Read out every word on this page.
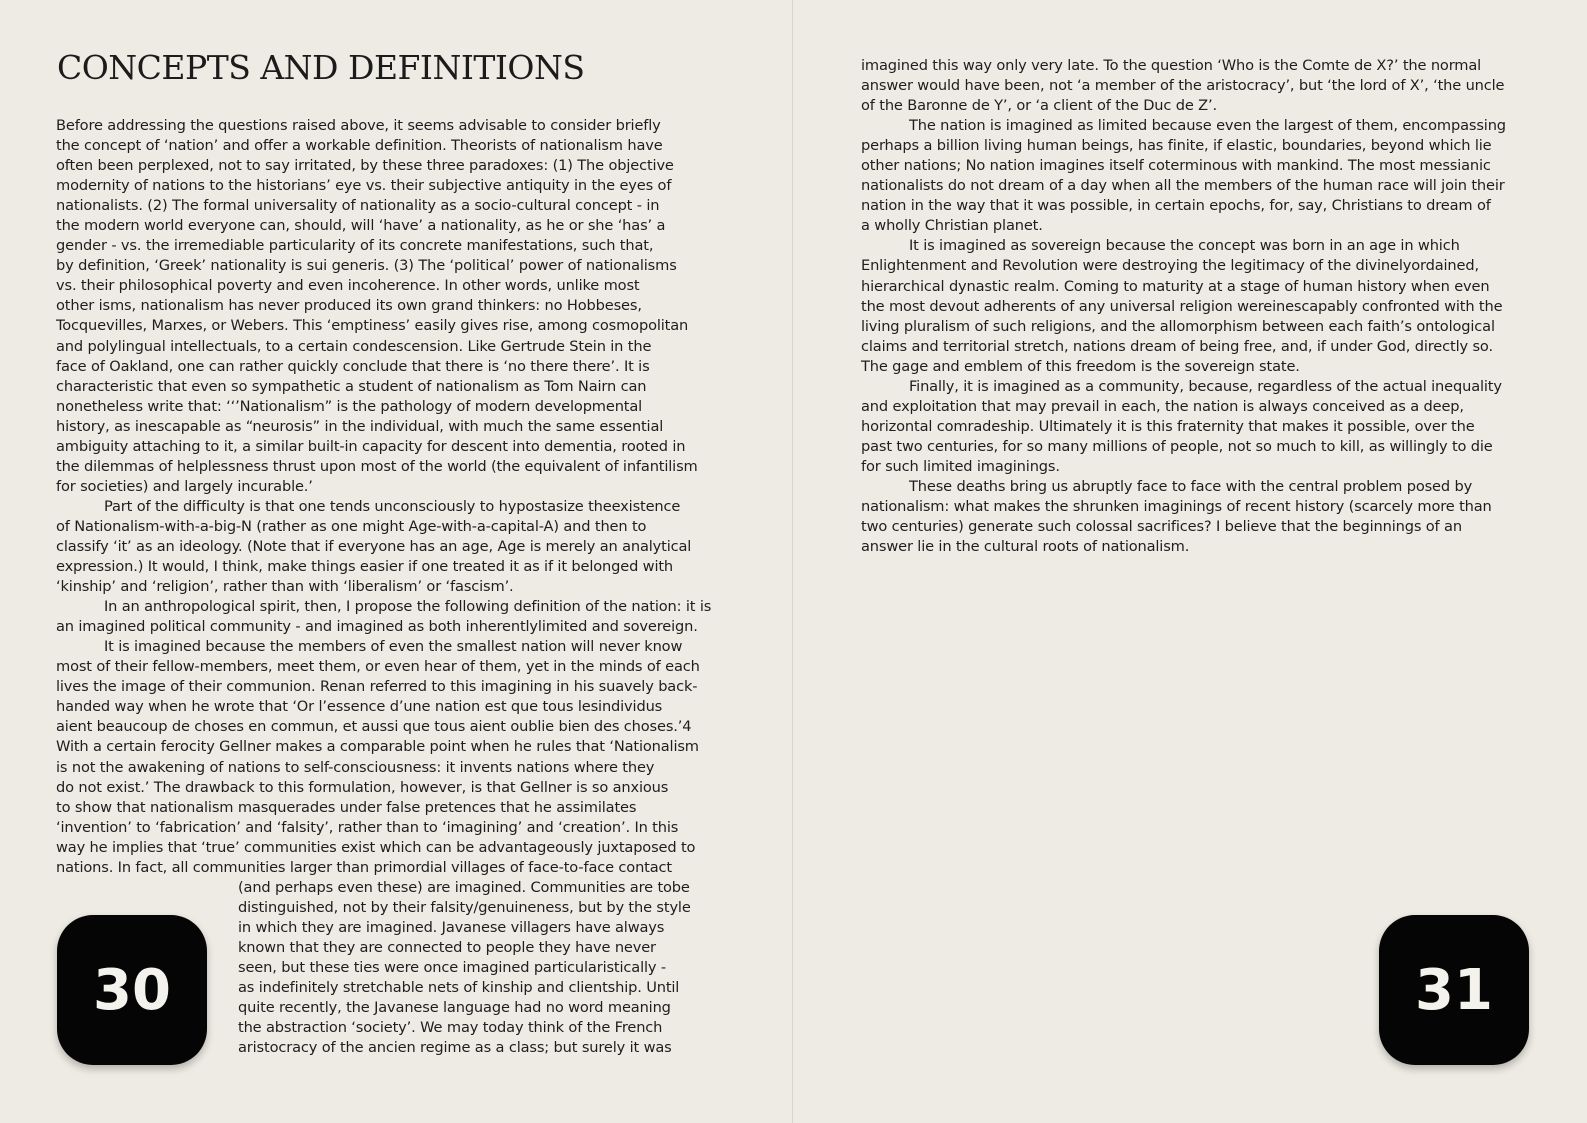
CONCEPTS AND DEFINITIONS
Before addressing the questions raised above, it seems advisable to consider briefly
the concept of ‘nation’ and offer a workable definition. Theorists of nationalism have
often been perplexed, not to say irritated, by these three paradoxes: (1) The objective
modernity of nations to the historians’ eye vs. their subjective antiquity in the eyes of
nationalists. (2) The formal universality of nationality as a socio-cultural concept - in
the modern world everyone can, should, will ‘have’ a nationality, as he or she ‘has’ a
gender - vs. the irremediable particularity of its concrete manifestations, such that,
by definition, ‘Greek’ nationality is sui generis. (3) The ‘political’ power of nationalisms
vs. their philosophical poverty and even incoherence. In other words, unlike most
other isms, nationalism has never produced its own grand thinkers: no Hobbeses,
Tocquevilles, Marxes, or Webers. This ‘emptiness’ easily gives rise, among cosmopolitan
and polylingual intellectuals, to a certain condescension. Like Gertrude Stein in the
face of Oakland, one can rather quickly conclude that there is ‘no there there’. It is
characteristic that even so sympathetic a student of nationalism as Tom Nairn can
nonetheless write that: ‘‘’Nationalism” is the pathology of modern developmental
history, as inescapable as “neurosis” in the individual, with much the same essential
ambiguity attaching to it, a similar built-in capacity for descent into dementia, rooted in
the dilemmas of helplessness thrust upon most of the world (the equivalent of infantilism
for societies) and largely incurable.’
Part of the difficulty is that one tends unconsciously to hypostasize theexistence
of Nationalism-with-a-big-N (rather as one might Age-with-a-capital-A) and then to
classify ‘it’ as an ideology. (Note that if everyone has an age, Age is merely an analytical
expression.) It would, I think, make things easier if one treated it as if it belonged with
‘kinship’ and ‘religion’, rather than with ‘liberalism’ or ‘fascism’.
In an anthropological spirit, then, I propose the following definition of the nation: it is
an imagined political community - and imagined as both inherentlylimited and sovereign.
It is imagined because the members of even the smallest nation will never know
most of their fellow-members, meet them, or even hear of them, yet in the minds of each
lives the image of their communion. Renan referred to this imagining in his suavely back-
handed way when he wrote that ‘Or l’essence d’une nation est que tous lesindividus
aient beaucoup de choses en commun, et aussi que tous aient oublie bien des choses.’4
With a certain ferocity Gellner makes a comparable point when he rules that ‘Nationalism
is not the awakening of nations to self-consciousness: it invents nations where they
do not exist.’ The drawback to this formulation, however, is that Gellner is so anxious
to show that nationalism masquerades under false pretences that he assimilates
‘invention’ to ‘fabrication’ and ‘falsity’, rather than to ‘imagining’ and ‘creation’. In this
way he implies that ‘true’ communities exist which can be advantageously juxtaposed to
nations. In fact, all communities larger than primordial villages of face-to-face contact
(and perhaps even these) are imagined. Communities are tobe
distinguished, not by their falsity/genuineness, but by the style
in which they are imagined. Javanese villagers have always
known that they are connected to people they have never
seen, but these ties were once imagined particularistically -
as indefinitely stretchable nets of kinship and clientship. Until
quite recently, the Javanese language had no word meaning
the abstraction ‘society’. We may today think of the French
aristocracy of the ancien regime as a class; but surely it was
30
imagined this way only very late. To the question ‘Who is the Comte de X?’ the normal
answer would have been, not ‘a member of the aristocracy’, but ‘the lord of X’, ‘the uncle
of the Baronne de Y’, or ‘a client of the Duc de Z’.
The nation is imagined as limited because even the largest of them, encompassing
perhaps a billion living human beings, has finite, if elastic, boundaries, beyond which lie
other nations; No nation imagines itself coterminous with mankind. The most messianic
nationalists do not dream of a day when all the members of the human race will join their
nation in the way that it was possible, in certain epochs, for, say, Christians to dream of
a wholly Christian planet.
It is imagined as sovereign because the concept was born in an age in which
Enlightenment and Revolution were destroying the legitimacy of the divinelyordained,
hierarchical dynastic realm. Coming to maturity at a stage of human history when even
the most devout adherents of any universal religion wereinescapably confronted with the
living pluralism of such religions, and the allomorphism between each faith’s ontological
claims and territorial stretch, nations dream of being free, and, if under God, directly so.
The gage and emblem of this freedom is the sovereign state.
Finally, it is imagined as a community, because, regardless of the actual inequality
and exploitation that may prevail in each, the nation is always conceived as a deep,
horizontal comradeship. Ultimately it is this fraternity that makes it possible, over the
past two centuries, for so many millions of people, not so much to kill, as willingly to die
for such limited imaginings.
These deaths bring us abruptly face to face with the central problem posed by
nationalism: what makes the shrunken imaginings of recent history (scarcely more than
two centuries) generate such colossal sacrifices? I believe that the beginnings of an
answer lie in the cultural roots of nationalism.
31
